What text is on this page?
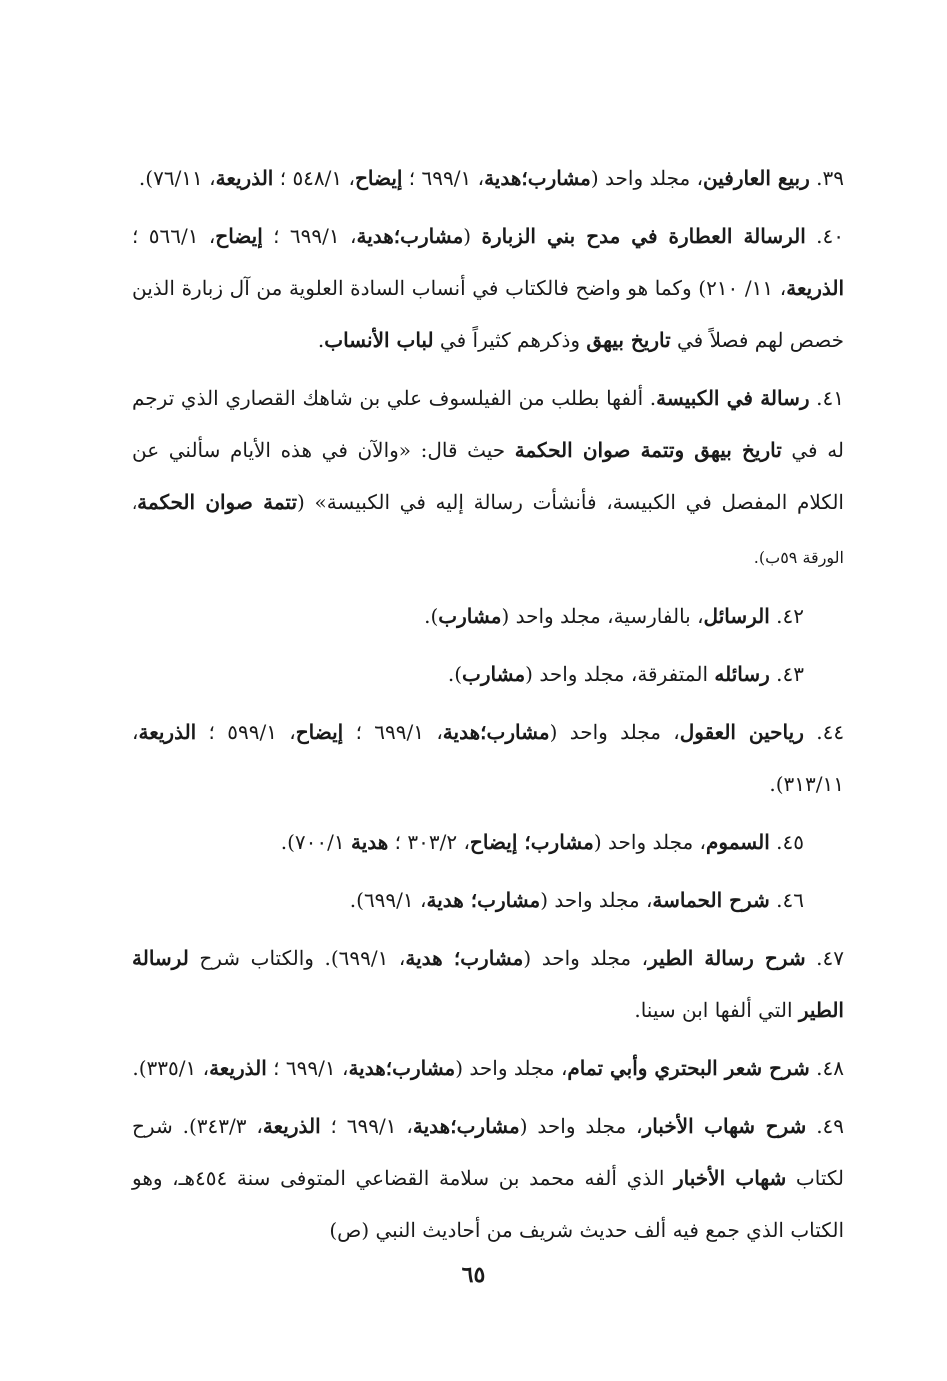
٣٩. ربيع العارفين، مجلد واحد (مشارب؛هدية، ٦٩٩/١ ؛ إيضاح، ٥٤٨/١ ؛ الذريعة، ٧٦/١١).

٤٠. الرسالة العطارة في مدح بني الزبارة (مشارب؛هدية، ٦٩٩/١ ؛ إيضاح، ٥٦٦/١ ؛ الذريعة، ١١/ ٢١٠) وكما هو واضح فالكتاب في أنساب السادة العلوية من آل زبارة الذين خصص لهم فصلاً في تاريخ بيهق وذكرهم كثيراً في لباب الأنساب.

٤١. رسالة في الكبيسة. ألفها بطلب من الفيلسوف علي بن شاهك القصاري الذي ترجم له في تاريخ بيهق وتتمة صوان الحكمة حيث قال: «والآن في هذه الأيام سألني عن الكلام المفصل في الكبيسة، فأنشأت رسالة إليه في الكبيسة» (تتمة صوان الحكمة، الورقة ٥٩ب).

٤٢. الرسائل، بالفارسية، مجلد واحد (مشارب).

٤٣. رسائله المتفرقة، مجلد واحد (مشارب).

٤٤. رياحين العقول، مجلد واحد (مشارب؛هدية، ٦٩٩/١ ؛ إيضاح، ٥٩٩/١ ؛ الذريعة، ٣١٣/١١).

٤٥. السموم، مجلد واحد (مشارب؛ إيضاح، ٣٠٣/٢ ؛ هدية ٧٠٠/١).

٤٦. شرح الحماسة، مجلد واحد (مشارب؛ هدية، ٦٩٩/١).

٤٧. شرح رسالة الطير، مجلد واحد (مشارب؛ هدية، ٦٩٩/١). والكتاب شرح لرسالة الطير التي ألفها ابن سينا.

٤٨. شرح شعر البحتري وأبي تمام، مجلد واحد (مشارب؛هدية، ٦٩٩/١ ؛ الذريعة، ٣٣٥/١).

٤٩. شرح شهاب الأخبار، مجلد واحد (مشارب؛هدية، ٦٩٩/١ ؛ الذريعة، ٣٤٣/٣). شرح لكتاب شهاب الأخبار الذي ألفه محمد بن سلامة القضاعي المتوفى سنة ٤٥٤هـ، وهو الكتاب الذي جمع فيه ألف حديث شريف من أحاديث النبي (ص)

٦٥
